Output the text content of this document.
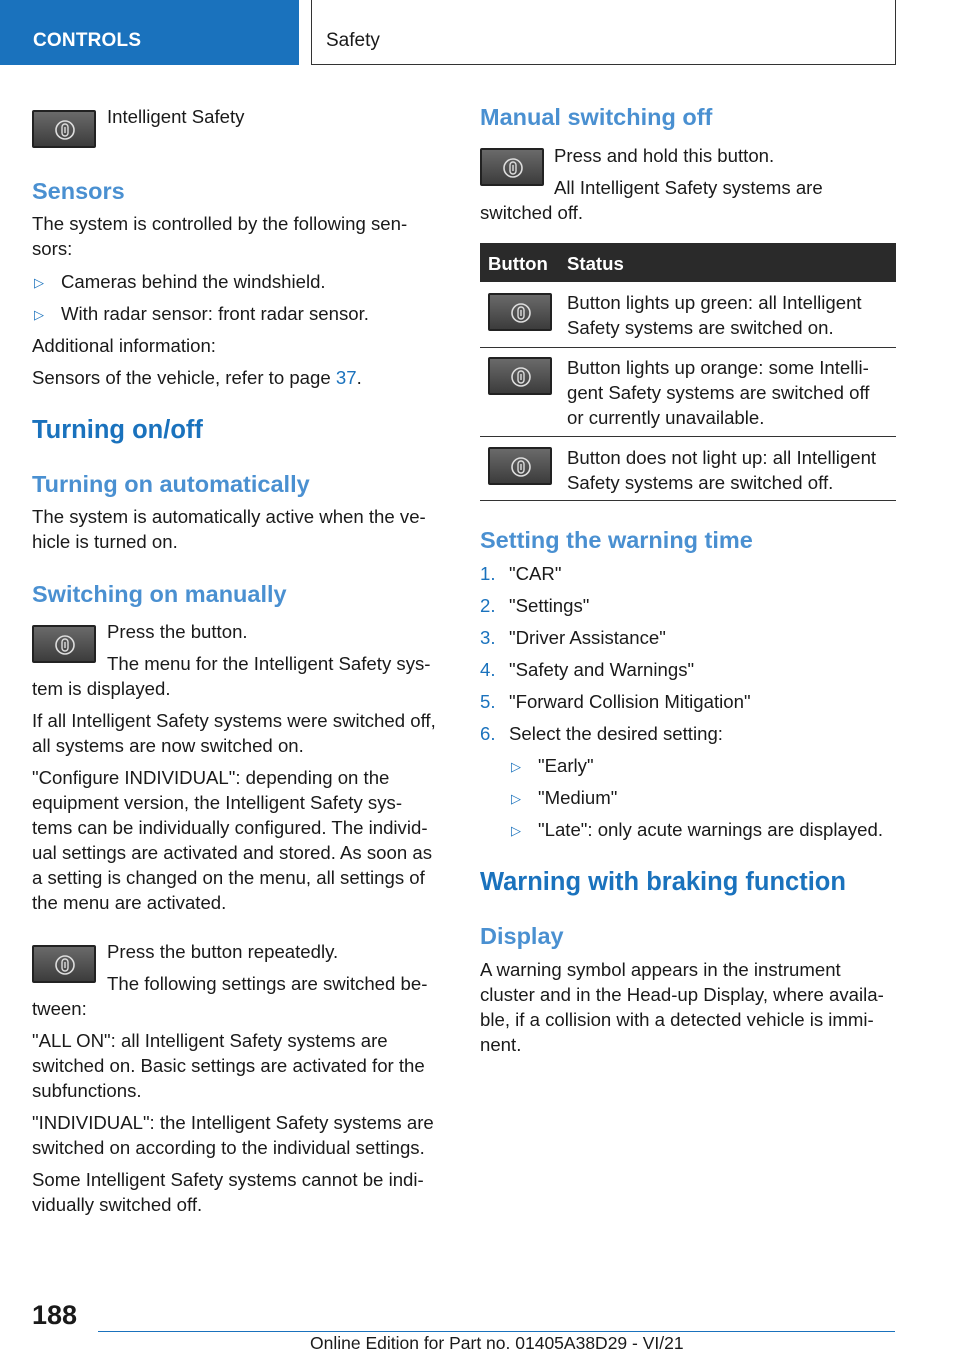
CONTROLS	Safety
Intelligent Safety
Sensors
The system is controlled by the following sen-
sors:
▷ Cameras behind the windshield.
▷ With radar sensor: front radar sensor.
Additional information:
Sensors of the vehicle, refer to page 37.
Turning on/off
Turning on automatically
The system is automatically active when the ve-
hicle is turned on.
Switching on manually
Press the button.
The menu for the Intelligent Safety sys-
tem is displayed.
If all Intelligent Safety systems were switched off,
all systems are now switched on.
"Configure INDIVIDUAL": depending on the
equipment version, the Intelligent Safety sys-
tems can be individually configured. The individ-
ual settings are activated and stored. As soon as
a setting is changed on the menu, all settings of
the menu are activated.
Press the button repeatedly.
The following settings are switched be-
tween:
"ALL ON": all Intelligent Safety systems are
switched on. Basic settings are activated for the
subfunctions.
"INDIVIDUAL": the Intelligent Safety systems are
switched on according to the individual settings.
Some Intelligent Safety systems cannot be indi-
vidually switched off.
Manual switching off
Press and hold this button.
All Intelligent Safety systems are
switched off.
Setting the warning time
1. "CAR"
2. "Settings"
3. "Driver Assistance"
4. "Safety and Warnings"
5. "Forward Collision Mitigation"
6. Select the desired setting:
▷ "Early"
▷ "Medium"
▷ "Late": only acute warnings are displayed.
Warning with braking function
Display
A warning symbol appears in the instrument
cluster and in the Head-up Display, where availa-
ble, if a collision with a detected vehicle is immi-
nent.
Button Status
Button lights up green: all Intelligent
Safety systems are switched on.
Button lights up orange: some Intelli-
gent Safety systems are switched off
or currently unavailable.
Button does not light up: all Intelligent
Safety systems are switched off.
188
Online Edition for Part no. 01405A38D29 - VI/21
